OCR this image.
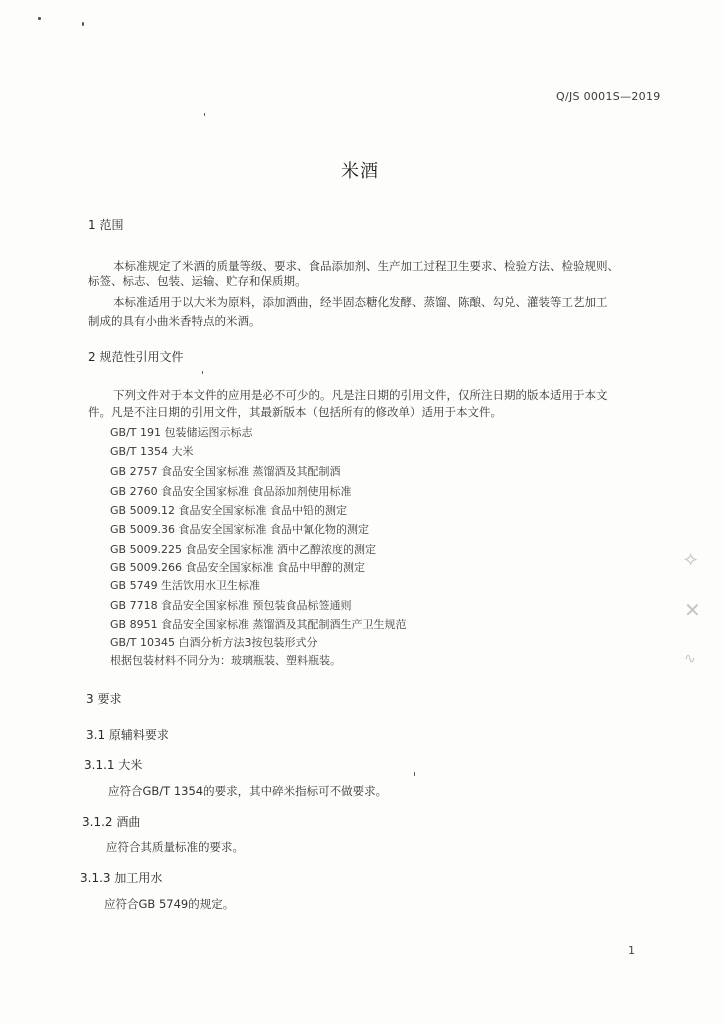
⟡
✕
∿
Q/JS 0001S—2019
米酒
1 范围
本标准规定了米酒的质量等级、要求、食品添加剂、生产加工过程卫生要求、检验方法、检验规则、
标签、标志、包装、运输、贮存和保质期。
本标准适用于以大米为原料，添加酒曲，经半固态糖化发酵、蒸馏、陈酿、勾兑、灌装等工艺加工
制成的具有小曲米香特点的米酒。
2 规范性引用文件
下列文件对于本文件的应用是必不可少的。凡是注日期的引用文件，仅所注日期的版本适用于本文
件。凡是不注日期的引用文件，其最新版本（包括所有的修改单）适用于本文件。
GB/T 191 包装储运图示标志
GB/T 1354 大米
GB 2757 食品安全国家标准 蒸馏酒及其配制酒
GB 2760 食品安全国家标准 食品添加剂使用标准
GB 5009.12 食品安全国家标准 食品中铅的测定
GB 5009.36 食品安全国家标准 食品中氰化物的测定
GB 5009.225 食品安全国家标准 酒中乙醇浓度的测定
GB 5009.266 食品安全国家标准 食品中甲醇的测定
GB 5749 生活饮用水卫生标准
GB 7718 食品安全国家标准 预包装食品标签通则
GB 8951 食品安全国家标准 蒸馏酒及其配制酒生产卫生规范
GB/T 10345 白酒分析方法3按包装形式分
根据包装材料不同分为：玻璃瓶装、塑料瓶装。
3 要求
3.1 原辅料要求
3.1.1 大米
应符合GB/T 1354的要求，其中碎米指标可不做要求。
3.1.2 酒曲
应符合其质量标准的要求。
3.1.3 加工用水
应符合GB 5749的规定。
1
